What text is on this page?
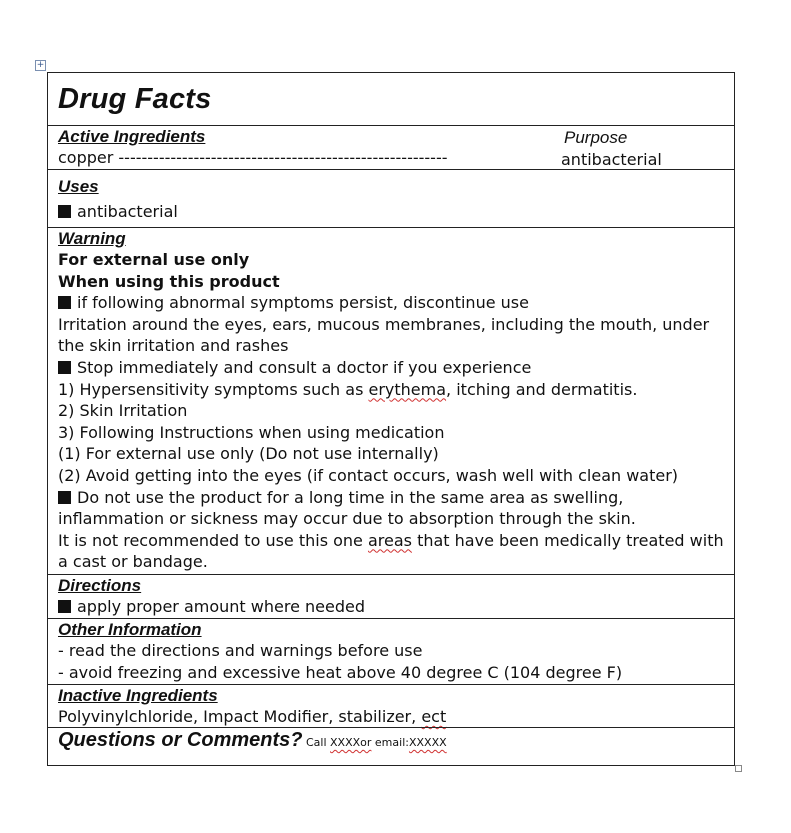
+
Drug Facts
Active Ingredients	Purpose
copper ---------------------------------------------------------	antibacterial
Uses
antibacterial
Warning
For external use only
When using this product
if following abnormal symptoms persist, discontinue use
Irritation around the eyes, ears, mucous membranes, including the mouth, under the skin irritation and rashes
Stop immediately and consult a doctor if you experience
1) Hypersensitivity symptoms such as erythema, itching and dermatitis.
2) Skin Irritation
3) Following Instructions when using medication
(1) For external use only (Do not use internally)
(2) Avoid getting into the eyes (if contact occurs, wash well with clean water)
Do not use the product for a long time in the same area as swelling, inflammation or sickness may occur due to absorption through the skin.
It is not recommended to use this one areas that have been medically treated with a cast or bandage.
Directions
apply proper amount where needed
Other Information
- read the directions and warnings before use
- avoid freezing and excessive heat above 40 degree C (104 degree F)
Inactive Ingredients
Polyvinylchloride, Impact Modifier, stabilizer, ect
Questions or Comments? Call XXXXor email:XXXXX
